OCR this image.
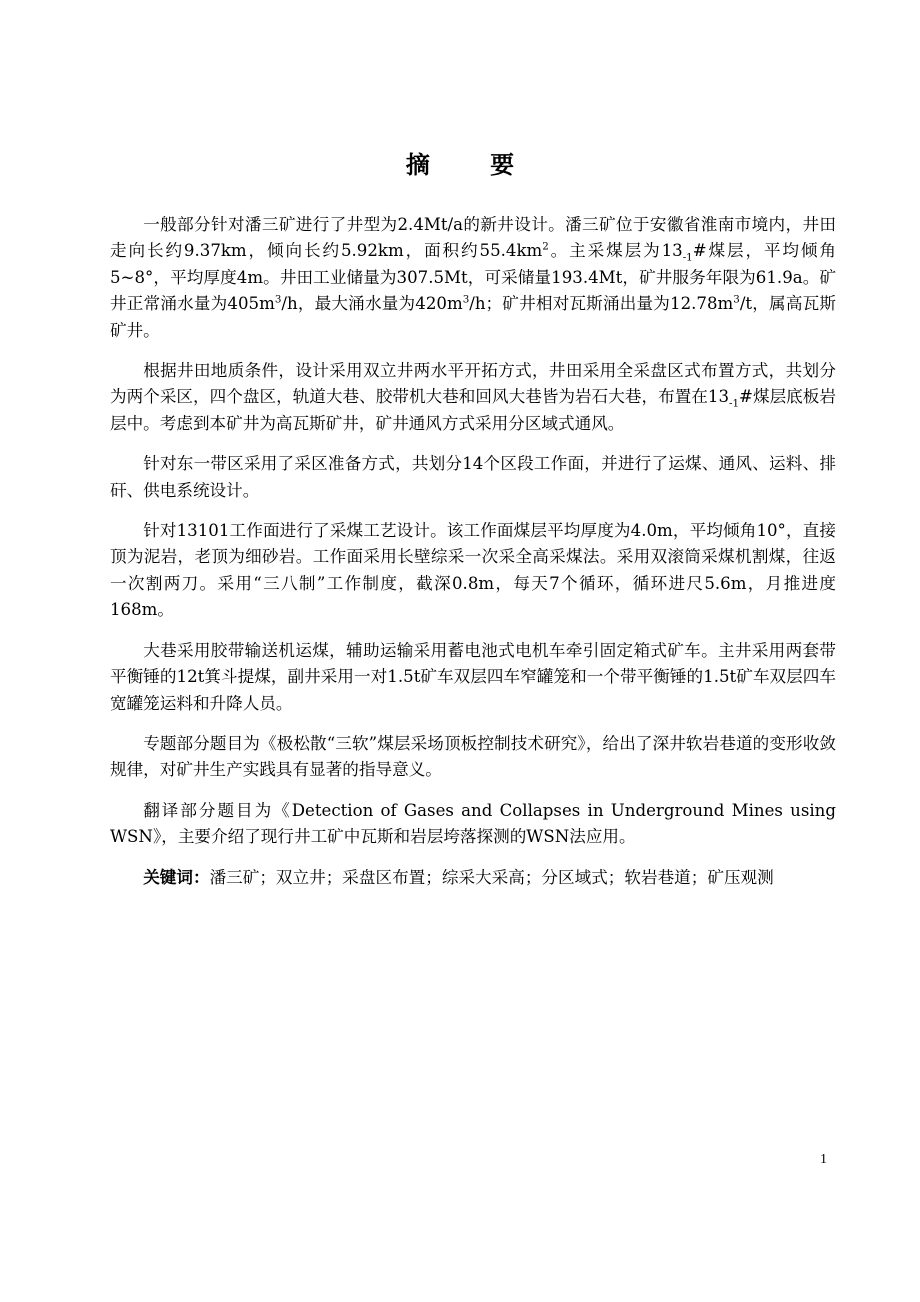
摘 要

一般部分针对潘三矿进行了井型为2.4Mt/a的新井设计。潘三矿位于安徽省淮南市境内，井田走向长约9.37km，倾向长约5.92km，面积约$55.4km^2$。主采煤层为$13_{-1}\#$煤层，平均倾角5~8°，平均厚度4m。井田工业储量为307.5Mt，可采储量193.4Mt，矿井服务年限为61.9a。矿井正常涌水量为$405m^3/h$，最大涌水量为$420m^3/h$；矿井相对瓦斯涌出量为$12.78m^3/t$，属高瓦斯矿井。

根据井田地质条件，设计采用双立井两水平开拓方式，井田采用全采盘区式布置方式，共划分为两个采区，四个盘区，轨道大巷、胶带机大巷和回风大巷皆为岩石大巷，布置在$13_{-1}\#$煤层底板岩层中。考虑到本矿井为高瓦斯矿井，矿井通风方式采用分区域式通风。

针对东一带区采用了采区准备方式，共划分14个区段工作面，并进行了运煤、通风、运料、排矸、供电系统设计。

针对13101工作面进行了采煤工艺设计。该工作面煤层平均厚度为4.0m，平均倾角10°，直接顶为泥岩，老顶为细砂岩。工作面采用长壁综采一次采全高采煤法。采用双滚筒采煤机割煤，往返一次割两刀。采用“三八制”工作制度，截深0.8m，每天7个循环，循环进尺5.6m，月推进度168m。

大巷采用胶带输送机运煤，辅助运输采用蓄电池式电机车牵引固定箱式矿车。主井采用两套带平衡锤的12t箕斗提煤，副井采用一对1.5t矿车双层四车窄罐笼和一个带平衡锤的1.5t矿车双层四车宽罐笼运料和升降人员。

专题部分题目为《极松散“三软”煤层采场顶板控制技术研究》，给出了深井软岩巷道的变形收敛规律，对矿井生产实践具有显著的指导意义。

翻译部分题目为《Detection of Gases and Collapses in Underground Mines using WSN》，主要介绍了现行井工矿中瓦斯和岩层垮落探测的WSN法应用。

关键词：潘三矿；双立井；采盘区布置；综采大采高；分区域式；软岩巷道；矿压观测

1
